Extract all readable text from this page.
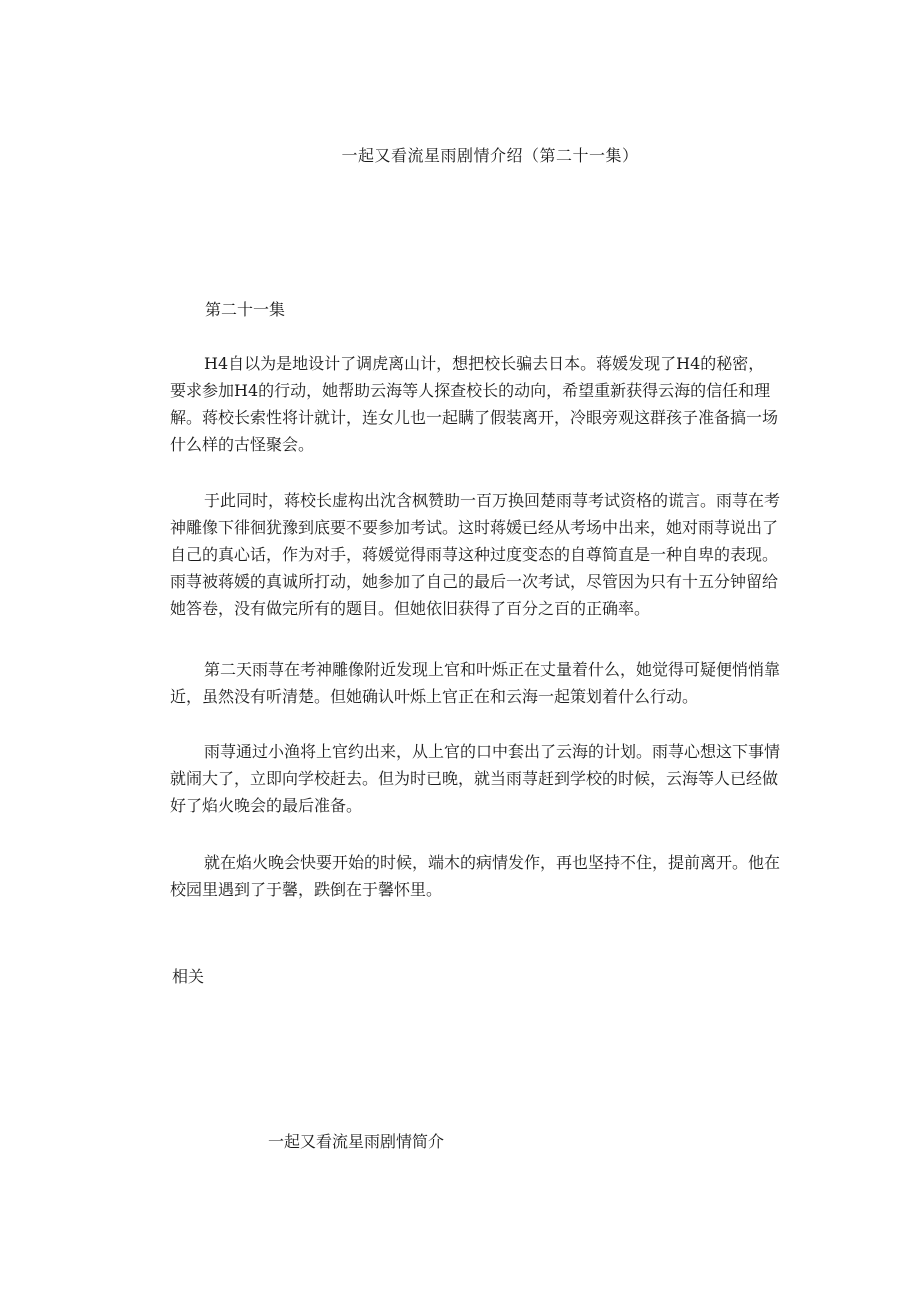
一起又看流星雨剧情介绍（第二十一集）
第二十一集

H4自以为是地设计了调虎离山计，想把校长骗去日本。蒋媛发现了H4的秘密，要求参加H4的行动，她帮助云海等人探查校长的动向，希望重新获得云海的信任和理解。蒋校长索性将计就计，连女儿也一起瞒了假装离开，冷眼旁观这群孩子准备搞一场什么样的古怪聚会。

于此同时，蒋校长虚构出沈含枫赞助一百万换回楚雨荨考试资格的谎言。雨荨在考神雕像下徘徊犹豫到底要不要参加考试。这时蒋媛已经从考场中出来，她对雨荨说出了自己的真心话，作为对手，蒋媛觉得雨荨这种过度变态的自尊简直是一种自卑的表现。雨荨被蒋媛的真诚所打动，她参加了自己的最后一次考试，尽管因为只有十五分钟留给她答卷，没有做完所有的题目。但她依旧获得了百分之百的正确率。

第二天雨荨在考神雕像附近发现上官和叶烁正在丈量着什么，她觉得可疑便悄悄靠近，虽然没有听清楚。但她确认叶烁上官正在和云海一起策划着什么行动。

雨荨通过小渔将上官约出来，从上官的口中套出了云海的计划。雨荨心想这下事情就闹大了，立即向学校赶去。但为时已晚，就当雨荨赶到学校的时候，云海等人已经做好了焰火晚会的最后准备。

就在焰火晚会快要开始的时候，端木的病情发作，再也坚持不住，提前离开。他在校园里遇到了于馨，跌倒在于馨怀里。

相关
一起又看流星雨剧情简介
